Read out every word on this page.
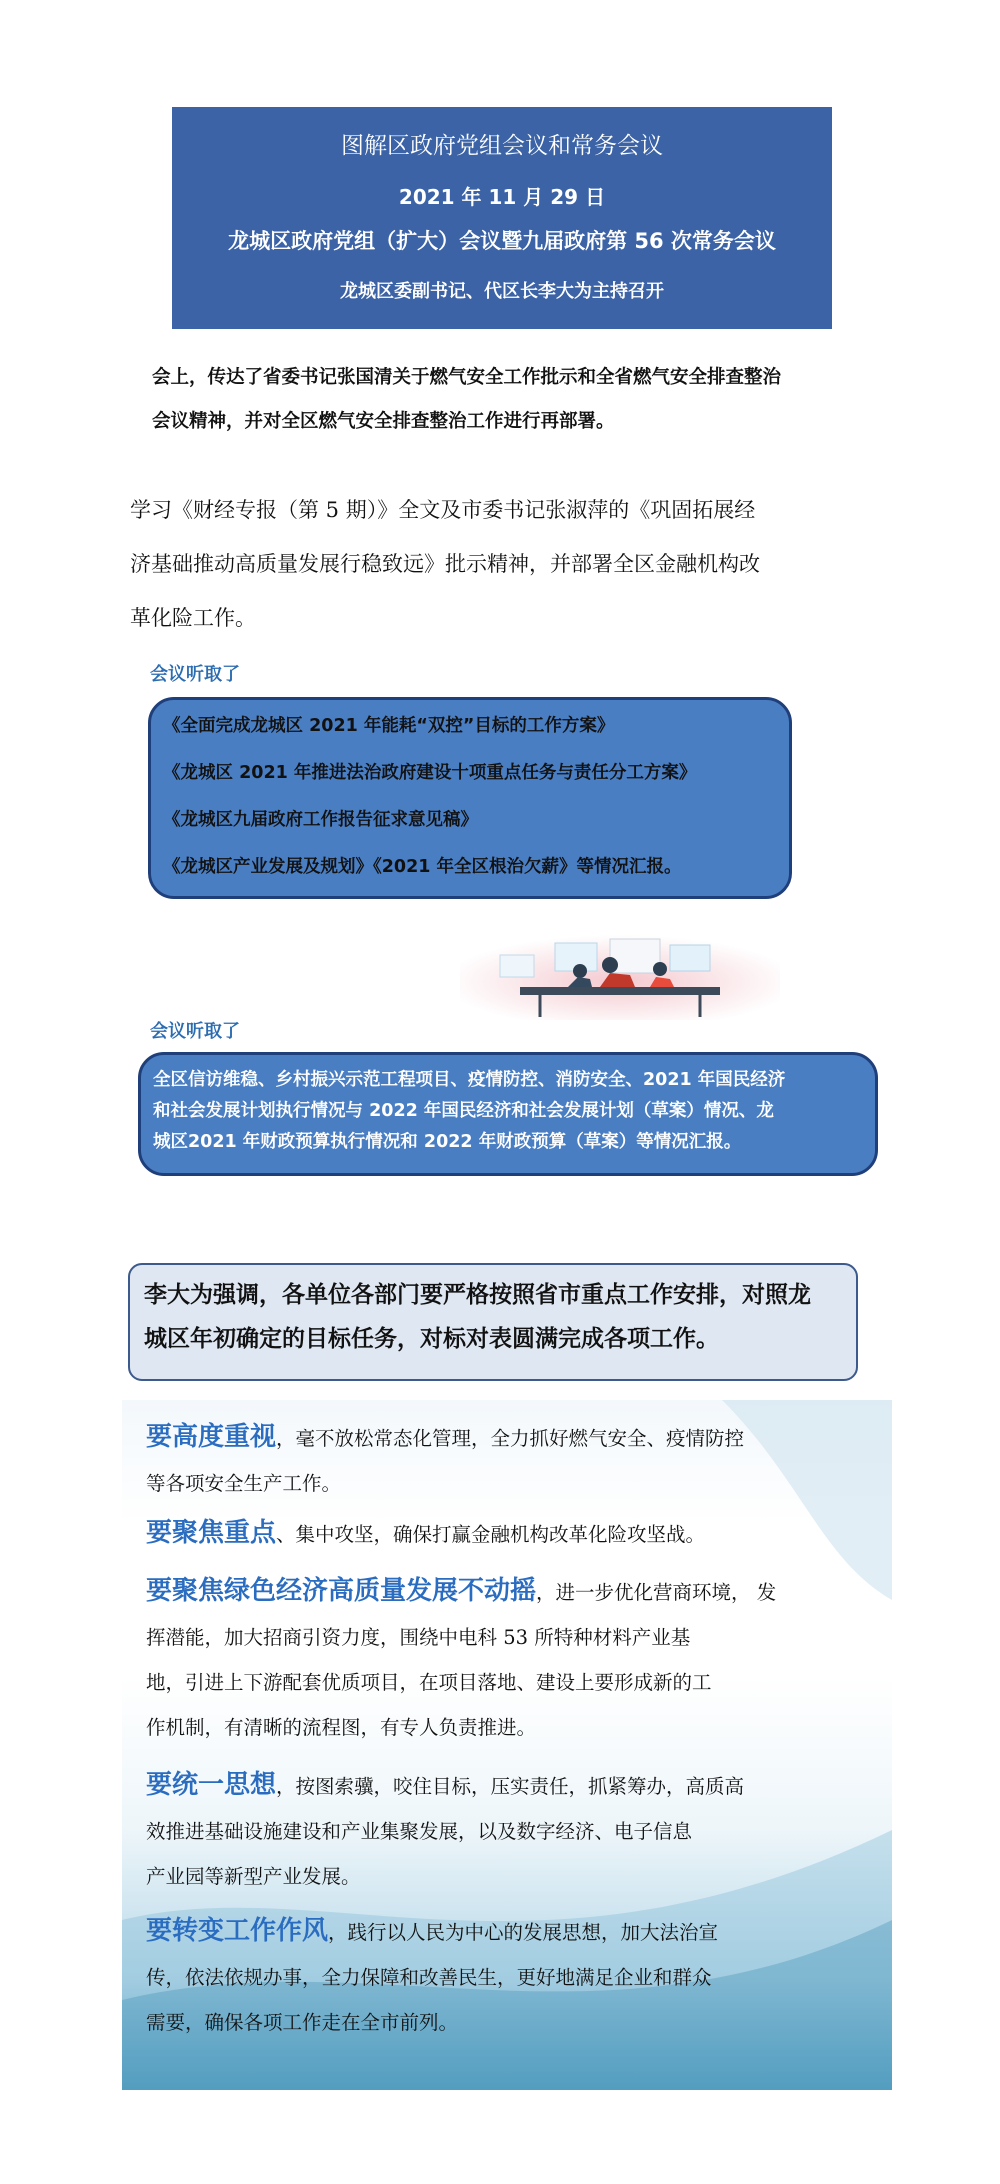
图解区政府党组会议和常务会议
2021 年 11 月 29 日
龙城区政府党组（扩大）会议暨九届政府第 56 次常务会议
龙城区委副书记、代区长李大为主持召开
会上，传达了省委书记张国清关于燃气安全工作批示和全省燃气安全排查整治
会议精神，并对全区燃气安全排查整治工作进行再部署。
学习《财经专报（第 5 期）》全文及市委书记张淑萍的《巩固拓展经
济基础推动高质量发展行稳致远》批示精神，并部署全区金融机构改
革化险工作。
会议听取了
《全面完成龙城区 2021 年能耗“双控”目标的工作方案》
《龙城区 2021 年推进法治政府建设十项重点任务与责任分工方案》
《龙城区九届政府工作报告征求意见稿》
《龙城区产业发展及规划》《2021 年全区根治欠薪》等情况汇报。
会议听取了
全区信访维稳、乡村振兴示范工程项目、疫情防控、消防安全、2021 年国民经济
和社会发展计划执行情况与 2022 年国民经济和社会发展计划（草案）情况、龙
城区2021 年财政预算执行情况和 2022 年财政预算（草案）等情况汇报。
李大为强调，各单位各部门要严格按照省市重点工作安排，对照龙
城区年初确定的目标任务，对标对表圆满完成各项工作。
要高度重视，毫不放松常态化管理，全力抓好燃气安全、疫情防控
等各项安全生产工作。
要聚焦重点、集中攻坚，确保打赢金融机构改革化险攻坚战。
要聚焦绿色经济高质量发展不动摇，进一步优化营商环境， 发
挥潜能，加大招商引资力度，围绕中电科 53 所特种材料产业基
地，引进上下游配套优质项目，在项目落地、建设上要形成新的工
作机制，有清晰的流程图，有专人负责推进。
要统一思想，按图索骥，咬住目标，压实责任，抓紧筹办，高质高
效推进基础设施建设和产业集聚发展，以及数字经济、电子信息
产业园等新型产业发展。
要转变工作作风，践行以人民为中心的发展思想，加大法治宣
传，依法依规办事，全力保障和改善民生，更好地满足企业和群众
需要，确保各项工作走在全市前列。
